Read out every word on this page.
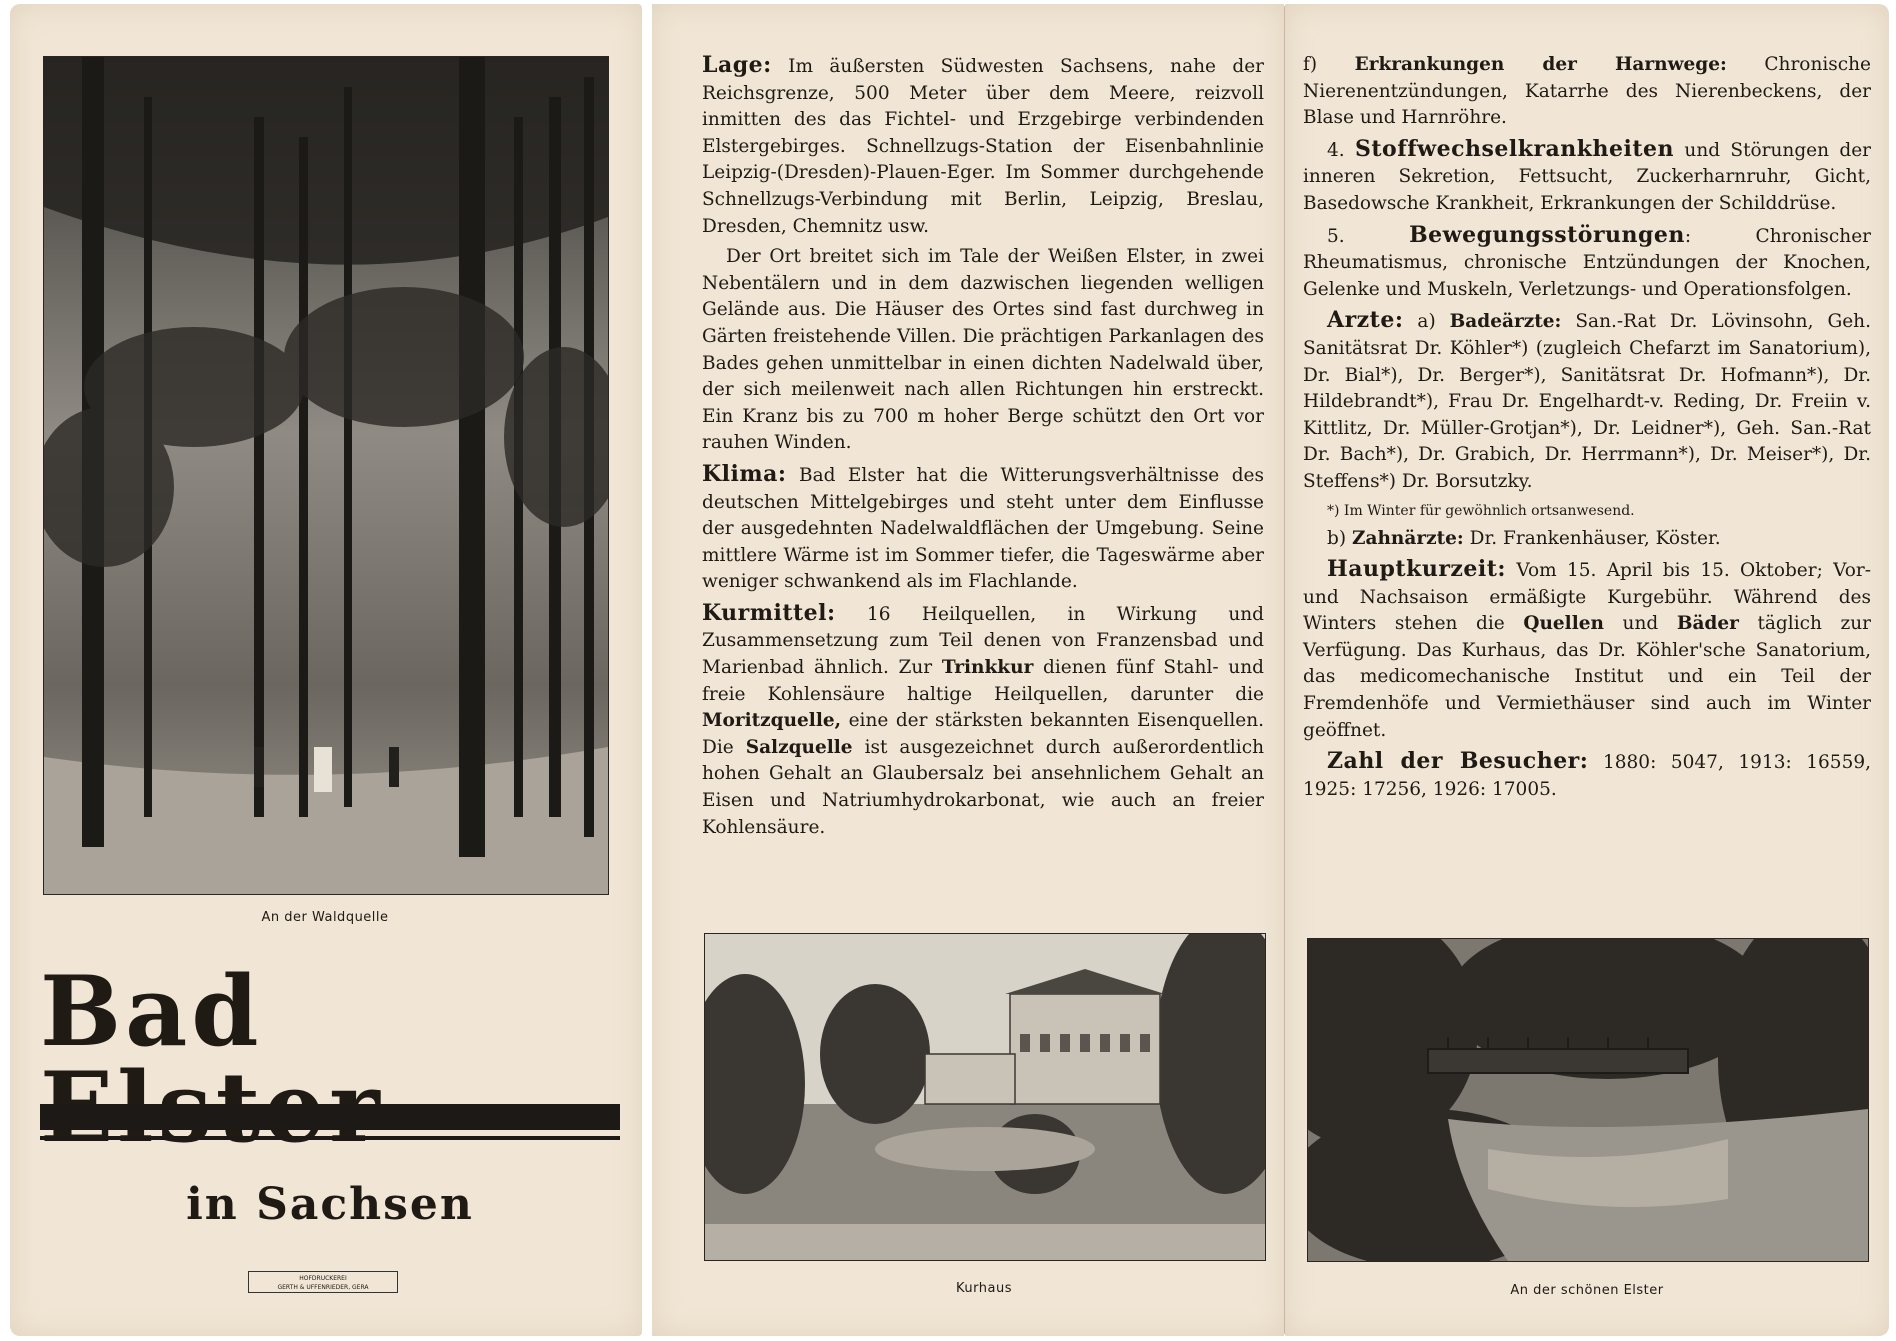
An der Waldquelle
Bad
in Sachsen
HOFDRUCKEREI
GERTH & UFFENRIEDER, GERA

Lage: Im äußersten Südwesten Sachsens, nahe der Reichsgrenze, 500 Meter über dem Meere, reizvoll inmitten des das Fichtel- und Erzgebirge verbindenden Elstergebirges. Schnellzugs-Station der Eisenbahnlinie Leipzig-(Dresden)-Plauen-Eger. Im Sommer durchgehende Schnellzugs-Verbindung mit Berlin, Leipzig, Breslau, Dresden, Chemnitz usw.

Der Ort breitet sich im Tale der Weißen Elster, in zwei Nebentälern und in dem dazwischen liegenden welligen Gelände aus. Die Häuser des Ortes sind fast durchweg in Gärten freistehende Villen. Die prächtigen Parkanlagen des Bades gehen unmittelbar in einen dichten Nadelwald über, der sich meilenweit nach allen Richtungen hin erstreckt. Ein Kranz bis zu 700 m hoher Berge schützt den Ort vor rauhen Winden.

Klima: Bad Elster hat die Witterungsverhältnisse des deutschen Mittelgebirges und steht unter dem Einflusse der ausgedehnten Nadelwaldflächen der Umgebung. Seine mittlere Wärme ist im Sommer tiefer, die Tageswärme aber weniger schwankend als im Flachlande.

Kurmittel: 16 Heilquellen, in Wirkung und Zusammensetzung zum Teil denen von Franzensbad und Marienbad ähnlich. Zur Trinkkur dienen fünf Stahl- und freie Kohlensäure haltige Heilquellen, darunter die Moritzquelle, eine der stärksten bekannten Eisenquellen. Die Salzquelle ist ausgezeichnet durch außerordentlich hohen Gehalt an Glaubersalz bei ansehnlichem Gehalt an Eisen und Natriumhydrokarbonat, wie auch an freier Kohlensäure.

Kurhaus

f) Erkrankungen der Harnwege: Chronische Nierenentzündungen, Katarrhe des Nierenbeckens, der Blase und Harnröhre.

4. Stoffwechselkrankheiten und Störungen der inneren Sekretion, Fettsucht, Zuckerharnruhr, Gicht, Basedowsche Krankheit, Erkrankungen der Schilddrüse.

5.	Bewegungsstörungen: Chronischer Rheumatismus, chronische Entzündungen der Knochen, Gelenke und Muskeln, Verletzungs- und Operationsfolgen.

Arzte: a) Badeärzte: San.-Rat Dr. Lövinsohn, Geh. Sanitätsrat Dr. Köhler*) (zugleich Chefarzt im Sanatorium), Dr. Bial*), Dr. Berger*), Sanitätsrat Dr. Hofmann*), Dr. Hildebrandt*), Frau Dr. Engelhardt-v. Reding, Dr. Freiin v. Kittlitz, Dr. Müller-Grotjan*), Dr. Leidner*), Geh. San.-Rat Dr. Bach*), Dr. Grabich, Dr. Herrmann*), Dr. Meiser*), Dr. Steffens*) Dr. Borsutzky.

*) Im Winter für gewöhnlich ortsanwesend.

b) Zahnärzte: Dr. Frankenhäuser, Köster.

Hauptkurzeit: Vom 15. April bis 15. Oktober; Vor- und Nachsaison ermäßigte Kurgebühr. Während des Winters stehen die Quellen und Bäder täglich zur Verfügung. Das Kurhaus, das Dr. Köhler'sche Sanatorium, das medicomechanische Institut und ein Teil der Fremdenhöfe und Vermiethäuser sind auch im Winter geöffnet.

Zahl der Besucher: 1880: 5047, 1913: 16559, 1925: 17256, 1926: 17005.

An der schönen Elster
